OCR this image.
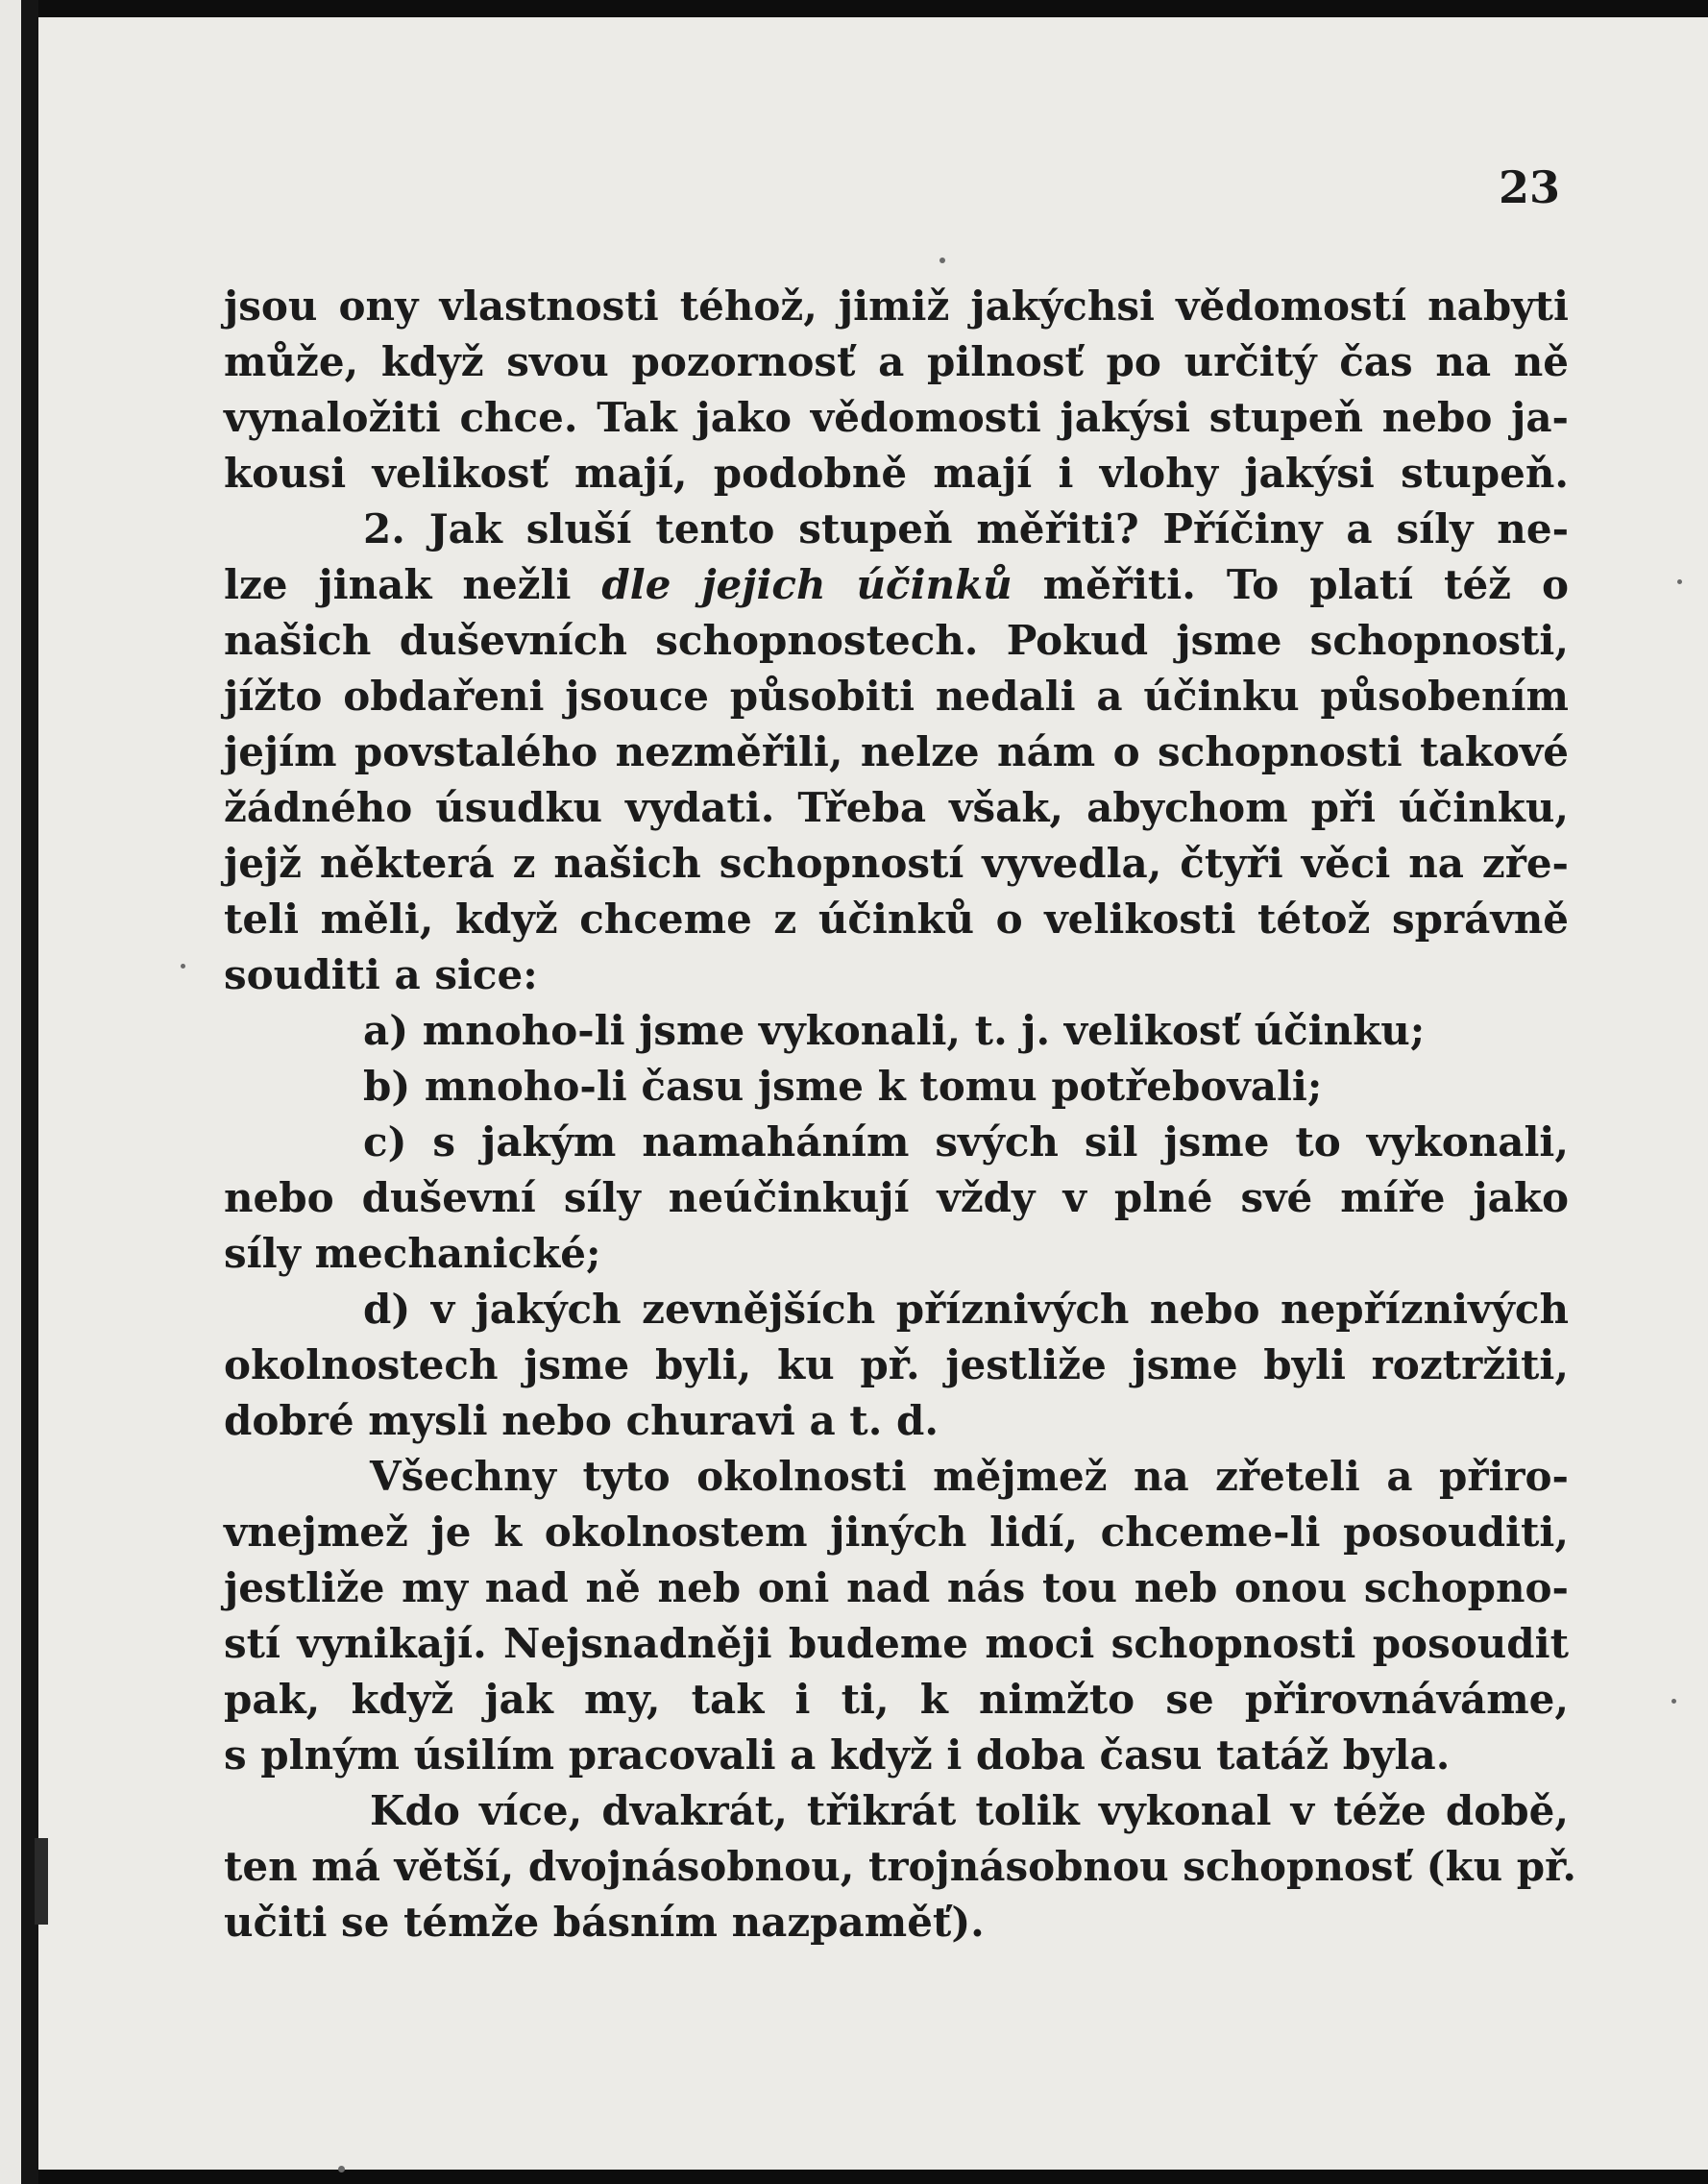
23
jsou ony vlastnosti téhož, jimiž jakýchsi vědomostí nabyti
může, když svou pozornosť a pilnosť po určitý čas na ně
vynaložiti chce. Tak jako vědomosti jakýsi stupeň nebo ja-
kousi velikosť mají, podobně mají i vlohy jakýsi stupeň.
2. Jak sluší tento stupeň měřiti? Příčiny a síly ne-
lze jinak nežli dle jejich účinků měřiti. To platí též o
našich duševních schopnostech. Pokud jsme schopnosti,
jížto obdařeni jsouce působiti nedali a účinku působením
jejím povstalého nezměřili, nelze nám o schopnosti takové
žádného úsudku vydati. Třeba však, abychom při účinku,
jejž některá z našich schopností vyvedla, čtyři věci na zře-
teli měli, když chceme z účinků o velikosti tétož správně
souditi a sice:
a) mnoho-li jsme vykonali, t. j. velikosť účinku;
b) mnoho-li času jsme k tomu potřebovali;
c) s jakým namaháním svých sil jsme to vykonali,
nebo duševní síly neúčinkují vždy v plné své míře jako
síly mechanické;
d) v jakých zevnějších příznivých nebo nepříznivých
okolnostech jsme byli, ku př. jestliže jsme byli roztržiti,
dobré mysli nebo churavi a t. d.
Všechny tyto okolnosti mějmež na zřeteli a přiro-
vnejmež je k okolnostem jiných lidí, chceme-li posouditi,
jestliže my nad ně neb oni nad nás tou neb onou schopno-
stí vynikají. Nejsnadněji budeme moci schopnosti posoudit
pak, když jak my, tak i ti, k nimžto se přirovnáváme,
s plným úsilím pracovali a když i doba času tatáž byla.
Kdo více, dvakrát, třikrát tolik vykonal v téže době,
ten má větší, dvojnásobnou, trojnásobnou schopnosť (ku př.
učiti se témže básním nazpaměť).
